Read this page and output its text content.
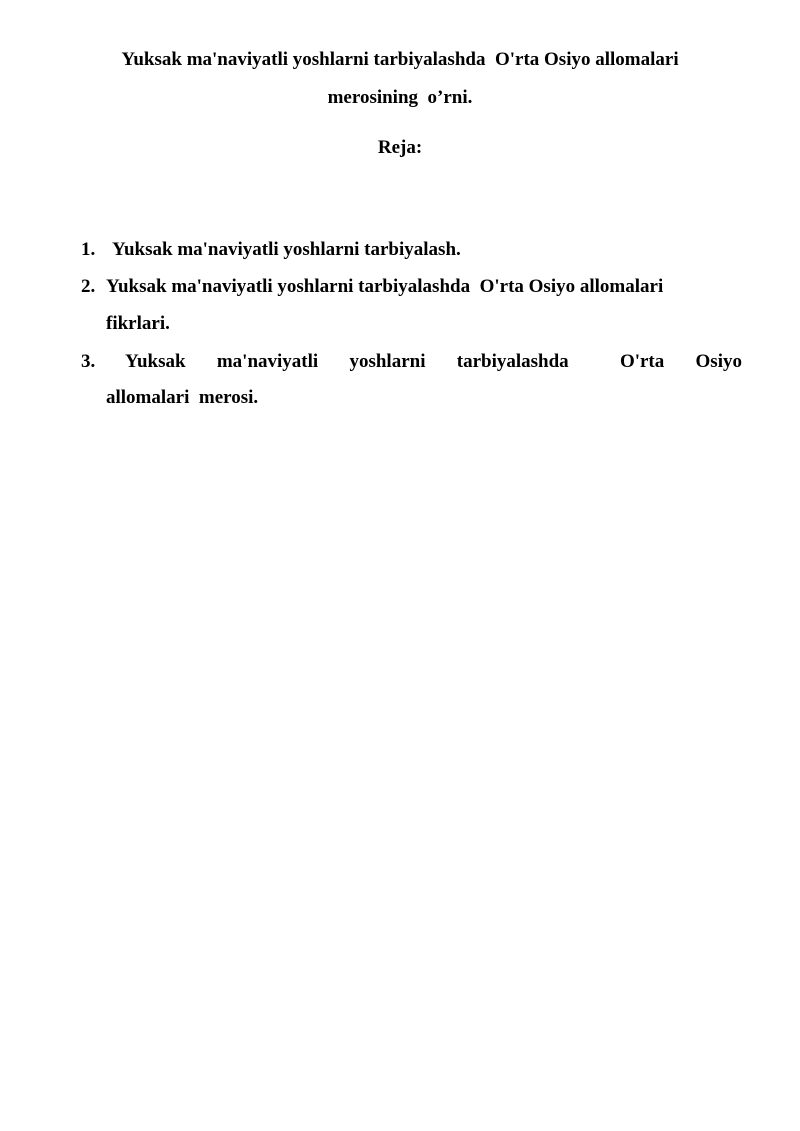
Yuksak ma'naviyatli yoshlarni tarbiyalashda  O'rta Osiyo allomalari
merosining  o’rni.
Reja:
1. Yuksak ma'naviyatli yoshlarni tarbiyalash.
2. Yuksak ma'naviyatli yoshlarni tarbiyalashda  O'rta Osiyo allomalari
fikrlari.
3. Yuksak ma'naviyatli yoshlarni tarbiyalashda	O'rta Osiyo
allomalari  merosi.
